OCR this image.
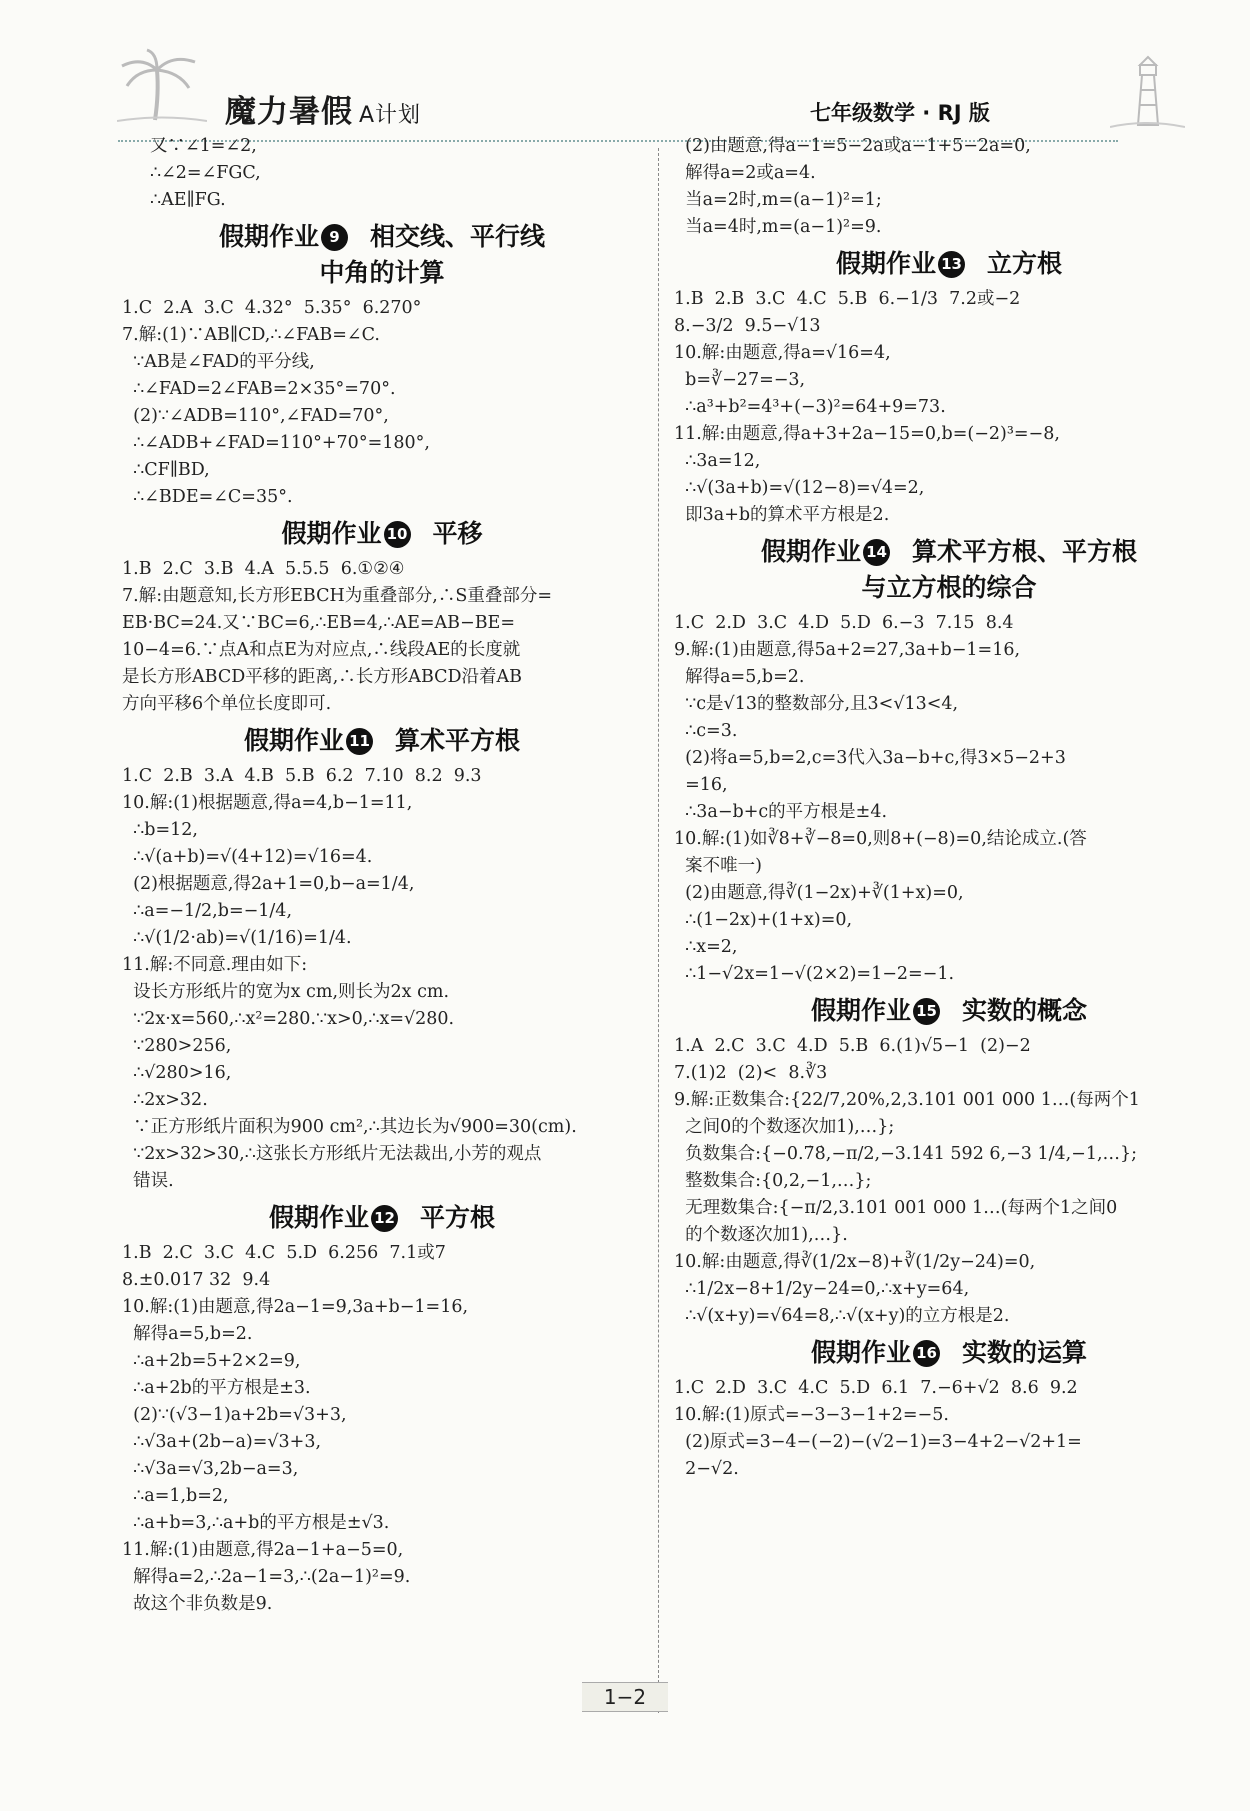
魔力暑假 A计划	七年级数学 · RJ 版
又∵∠1=∠2,
∴∠2=∠FGC,
∴AE∥FG.
假期作业 9 相交线、平行线
中角的计算
1.C  2.A  3.C  4.32°  5.35°  6.270°
7.解:(1)∵AB∥CD,∴∠FAB=∠C.
∵AB是∠FAD的平分线,
∴∠FAD=2∠FAB=2×35°=70°.
(2)∵∠ADB=110°,∠FAD=70°,
∴∠ADB+∠FAD=110°+70°=180°,
∴CF∥BD,
∴∠BDE=∠C=35°.
假期作业 10 平移
1.B  2.C  3.B  4.A  5.5.5  6.①②④
7.解:由题意知,长方形EBCH为重叠部分,∴S重叠部分=
EB·BC=24.又∵BC=6,∴EB=4,∴AE=AB−BE=
10−4=6.∵点A和点E为对应点,∴线段AE的长度就
是长方形ABCD平移的距离,∴长方形ABCD沿着AB
方向平移6个单位长度即可.
假期作业 11 算术平方根
1.C  2.B  3.A  4.B  5.B  6.2  7.10  8.2  9.3
10.解:(1)根据题意,得a=4,b−1=11,
∴b=12,
∴√(a+b)=√(4+12)=√16=4.
(2)根据题意,得2a+1=0,b−a=1/4,
∴a=−1/2,b=−1/4,
∴√(1/2·ab)=√(1/16)=1/4.
11.解:不同意.理由如下:
设长方形纸片的宽为x cm,则长为2x cm.
∵2x·x=560,∴x²=280.∵x>0,∴x=√280.
∵280>256,
∴√280>16,
∴2x>32.
∵正方形纸片面积为900 cm²,∴其边长为√900=30(cm).
∵2x>32>30,∴这张长方形纸片无法裁出,小芳的观点
错误.
假期作业 12 平方根
1.B  2.C  3.C  4.C  5.D  6.256  7.1或7
8.±0.017 32  9.4
10.解:(1)由题意,得2a−1=9,3a+b−1=16,
解得a=5,b=2.
∴a+2b=5+2×2=9,
∴a+2b的平方根是±3.
(2)∵(√3−1)a+2b=√3+3,
∴√3a+(2b−a)=√3+3,
∴√3a=√3,2b−a=3,
∴a=1,b=2,
∴a+b=3,∴a+b的平方根是±√3.
11.解:(1)由题意,得2a−1+a−5=0,
解得a=2,∴2a−1=3,∴(2a−1)²=9.
故这个非负数是9.
(2)由题意,得a−1=5−2a或a−1+5−2a=0,
解得a=2或a=4.
当a=2时,m=(a−1)²=1;
当a=4时,m=(a−1)²=9.
假期作业 13 立方根
1.B  2.B  3.C  4.C  5.B  6.−1/3  7.2或−2
8.−3/2  9.5−√13
10.解:由题意,得a=√16=4,
b=∛−27=−3,
∴a³+b²=4³+(−3)²=64+9=73.
11.解:由题意,得a+3+2a−15=0,b=(−2)³=−8,
∴3a=12,
∴√(3a+b)=√(12−8)=√4=2,
即3a+b的算术平方根是2.
假期作业 14 算术平方根、平方根
与立方根的综合
1.C  2.D  3.C  4.D  5.D  6.−3  7.15  8.4
9.解:(1)由题意,得5a+2=27,3a+b−1=16,
解得a=5,b=2.
∵c是√13的整数部分,且3<√13<4,
∴c=3.
(2)将a=5,b=2,c=3代入3a−b+c,得3×5−2+3
=16,
∴3a−b+c的平方根是±4.
10.解:(1)如∛8+∛−8=0,则8+(−8)=0,结论成立.(答
案不唯一)
(2)由题意,得∛(1−2x)+∛(1+x)=0,
∴(1−2x)+(1+x)=0,
∴x=2,
∴1−√2x=1−√(2×2)=1−2=−1.
假期作业 15 实数的概念
1.A  2.C  3.C  4.D  5.B  6.(1)√5−1  (2)−2
7.(1)2  (2)<  8.∛3
9.解:正数集合:{22/7,20%,2,3.101 001 000 1…(每两个1
之间0的个数逐次加1),…};
负数集合:{−0.7̇8̇,−π/2,−3.141 592 6,−3 1/4,−1,…};
整数集合:{0,2,−1,…};
无理数集合:{−π/2,3.101 001 000 1…(每两个1之间0
的个数逐次加1),…}.
10.解:由题意,得∛(1/2x−8)+∛(1/2y−24)=0,
∴1/2x−8+1/2y−24=0,∴x+y=64,
∴√(x+y)=√64=8,∴√(x+y)的立方根是2.
假期作业 16 实数的运算
1.C  2.D  3.C  4.C  5.D  6.1  7.−6+√2  8.6  9.2
10.解:(1)原式=−3−3−1+2=−5.
(2)原式=3−4−(−2)−(√2−1)=3−4+2−√2+1=
2−√2.
1−2
